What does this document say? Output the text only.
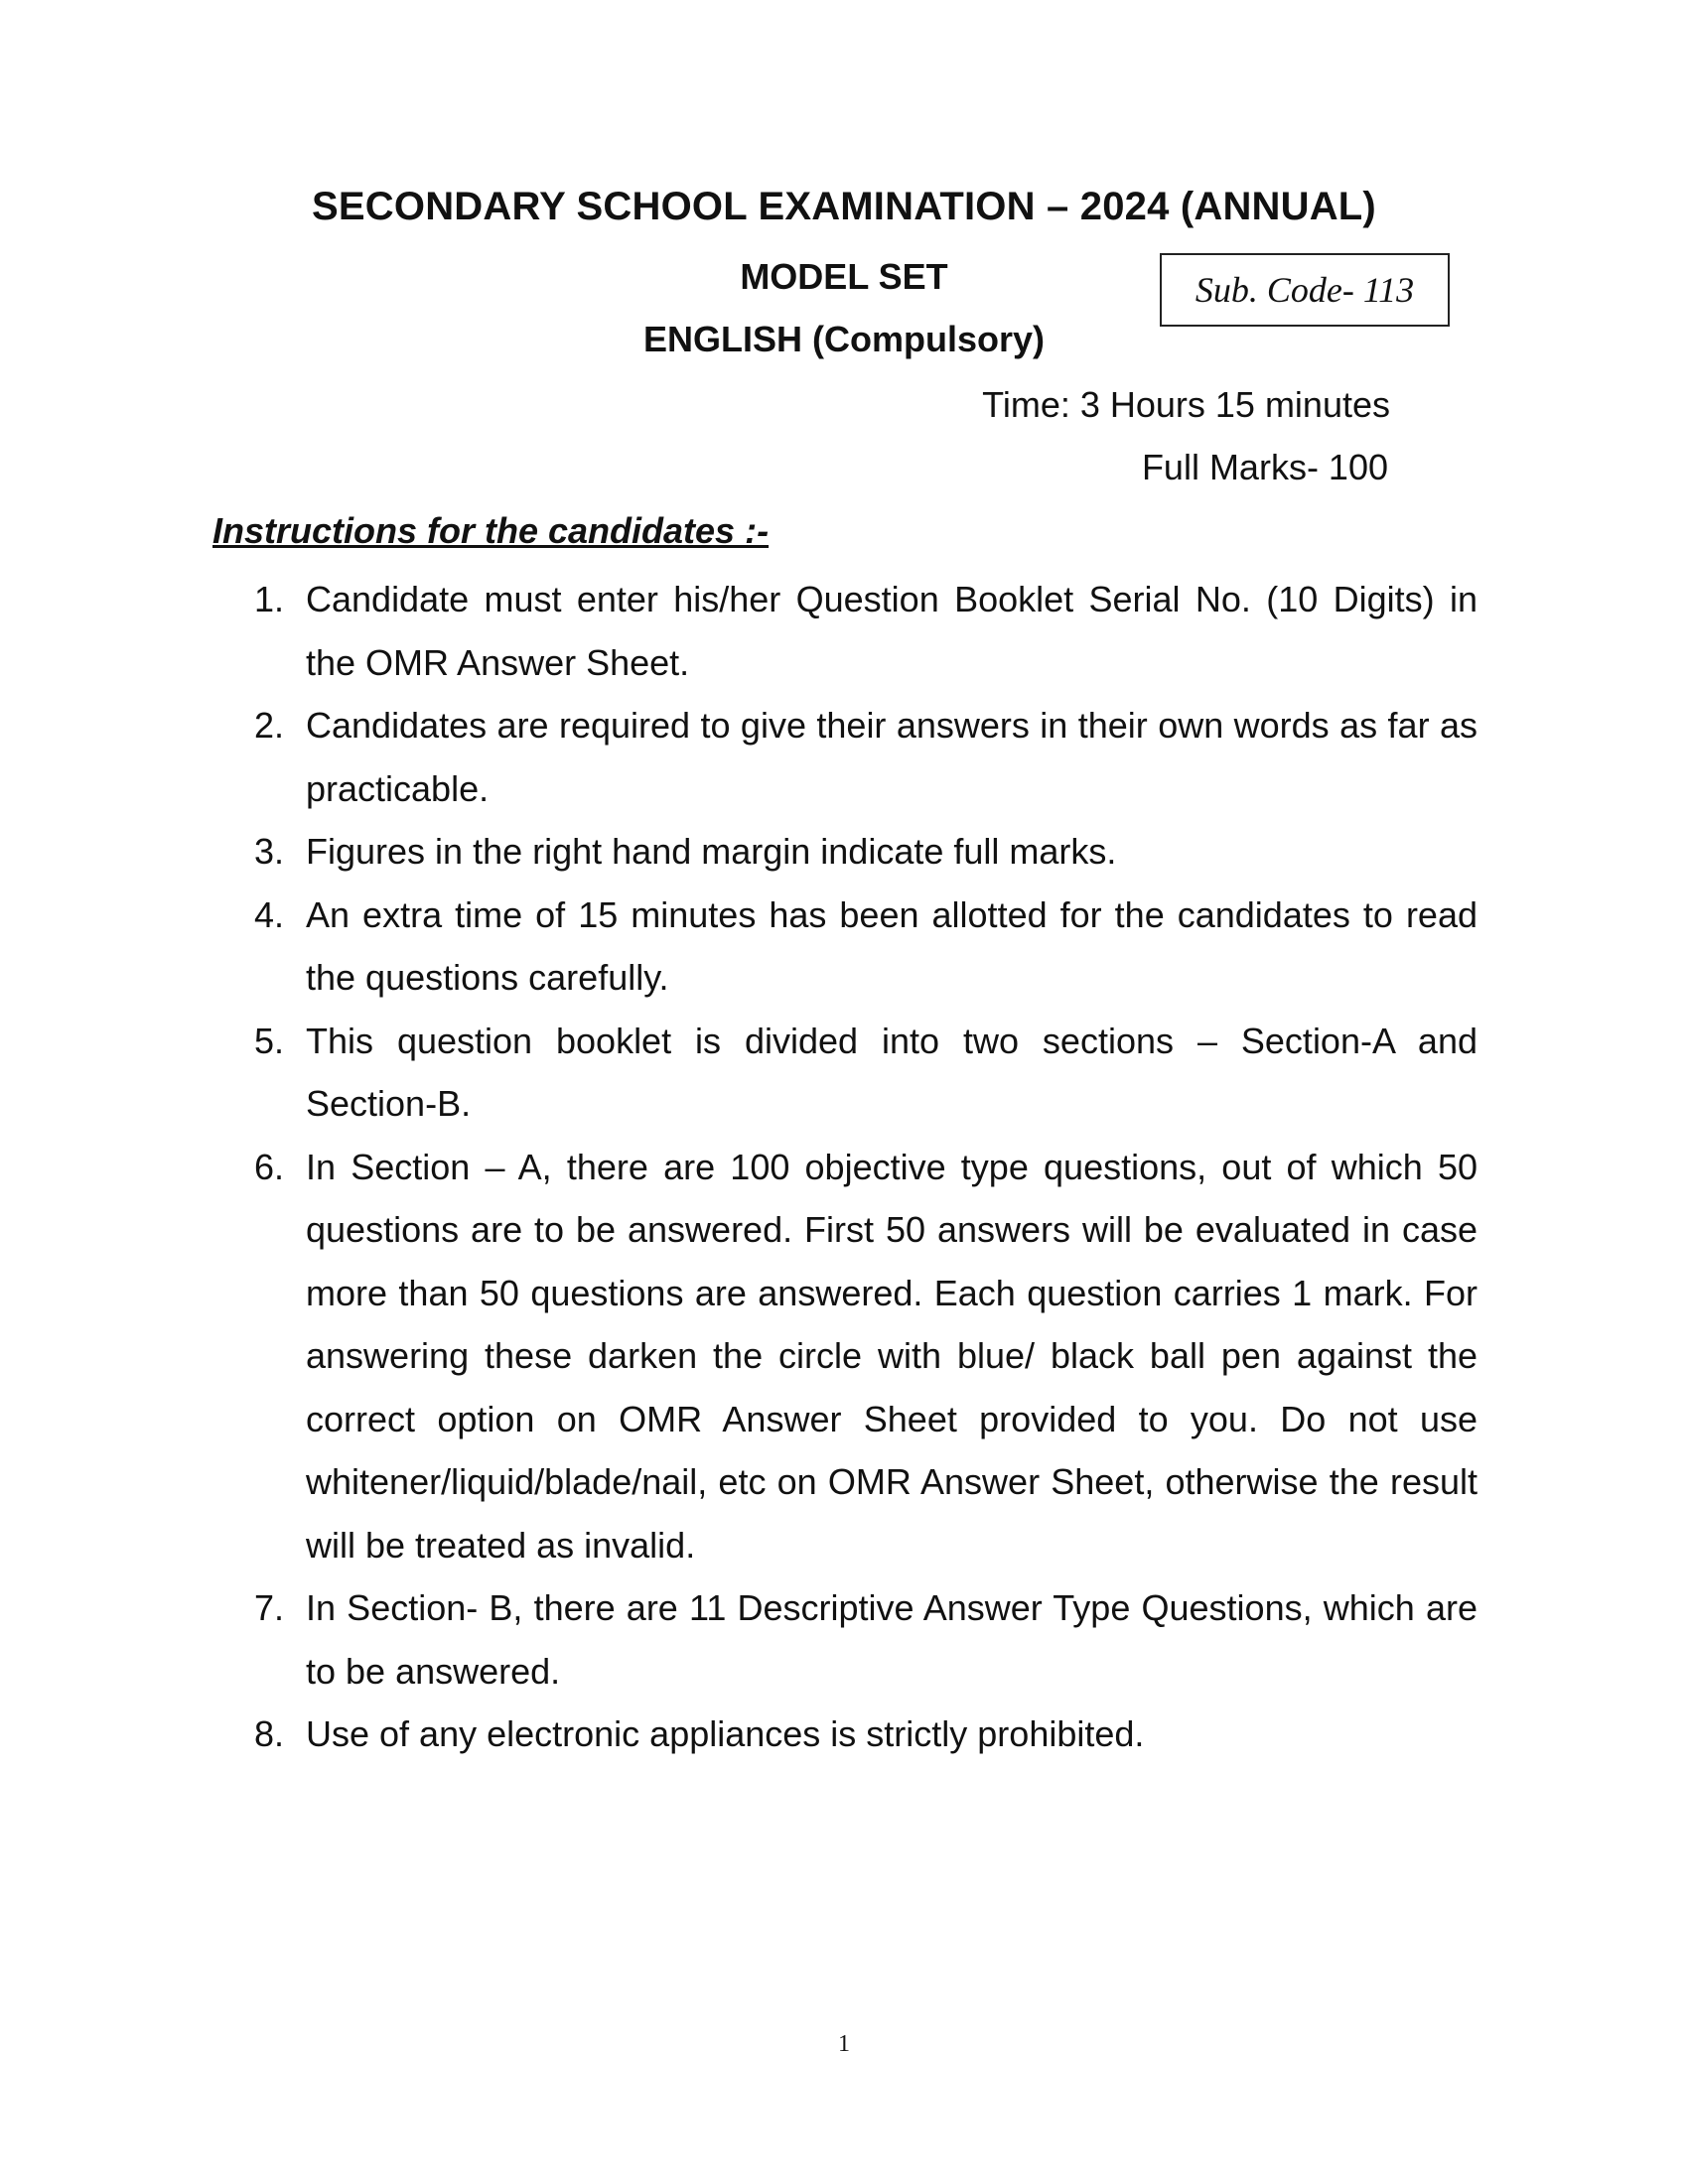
SECONDARY SCHOOL EXAMINATION – 2024 (ANNUAL)
MODEL SET	Sub. Code- 113
ENGLISH (Compulsory)
Time: 3 Hours 15 minutes
Full Marks- 100
Instructions for the candidates :-
1. Candidate must enter his/her Question Booklet Serial No. (10 Digits) in the OMR Answer Sheet.
2. Candidates are required to give their answers in their own words as far as practicable.
3. Figures in the right hand margin indicate full marks.
4. An extra time of 15 minutes has been allotted for the candidates to read the questions carefully.
5. This question booklet is divided into two sections – Section-A and Section-B.
6. In Section – A, there are 100 objective type questions, out of which 50 questions are to be answered. First 50 answers will be evaluated in case more than 50 questions are answered. Each question carries 1 mark. For answering these darken the circle with blue/ black ball pen against the correct option on OMR Answer Sheet provided to you. Do not use whitener/liquid/blade/nail, etc on OMR Answer Sheet, otherwise the result will be treated as invalid.
7. In Section- B, there are 11 Descriptive Answer Type Questions, which are to be answered.
8. Use of any electronic appliances is strictly prohibited.
1
